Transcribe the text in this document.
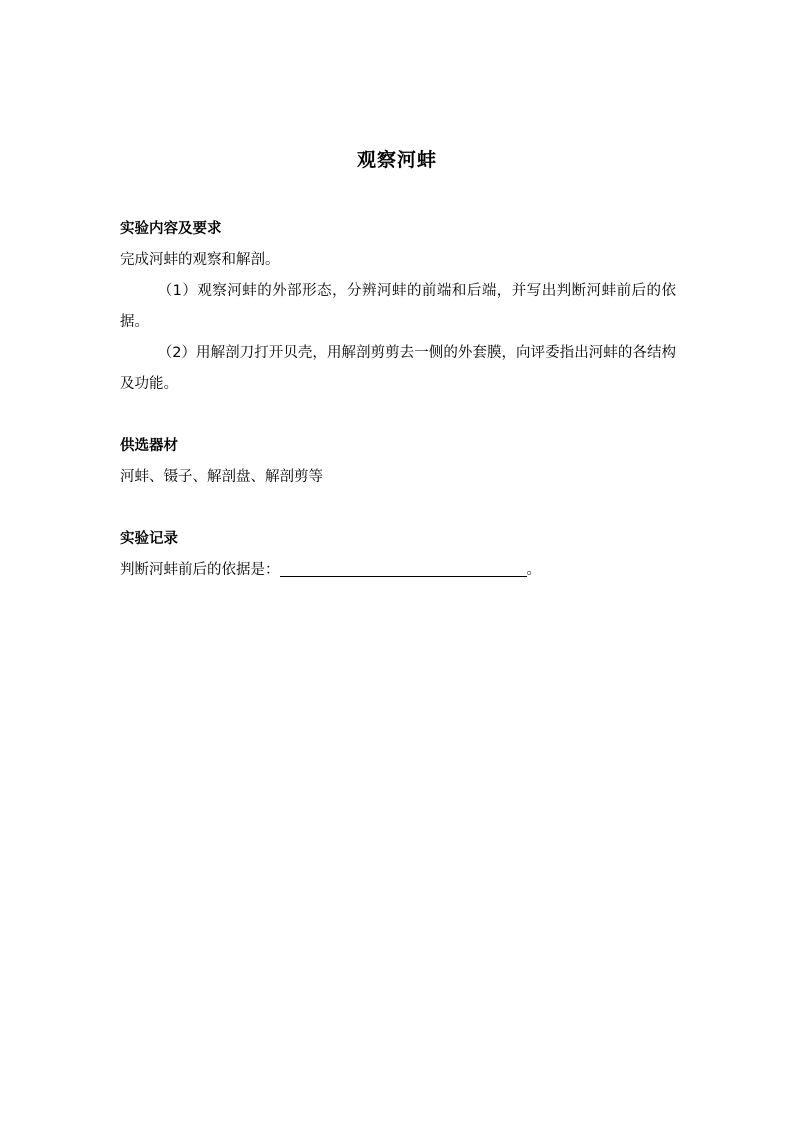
观察河蚌
实验内容及要求
完成河蚌的观察和解剖。
（1）观察河蚌的外部形态，分辨河蚌的前端和后端，并写出判断河蚌前后的依据。
（2）用解剖刀打开贝壳，用解剖剪剪去一侧的外套膜，向评委指出河蚌的各结构及功能。
供选器材
河蚌、镊子、解剖盘、解剖剪等
实验记录
判断河蚌前后的依据是：	。
